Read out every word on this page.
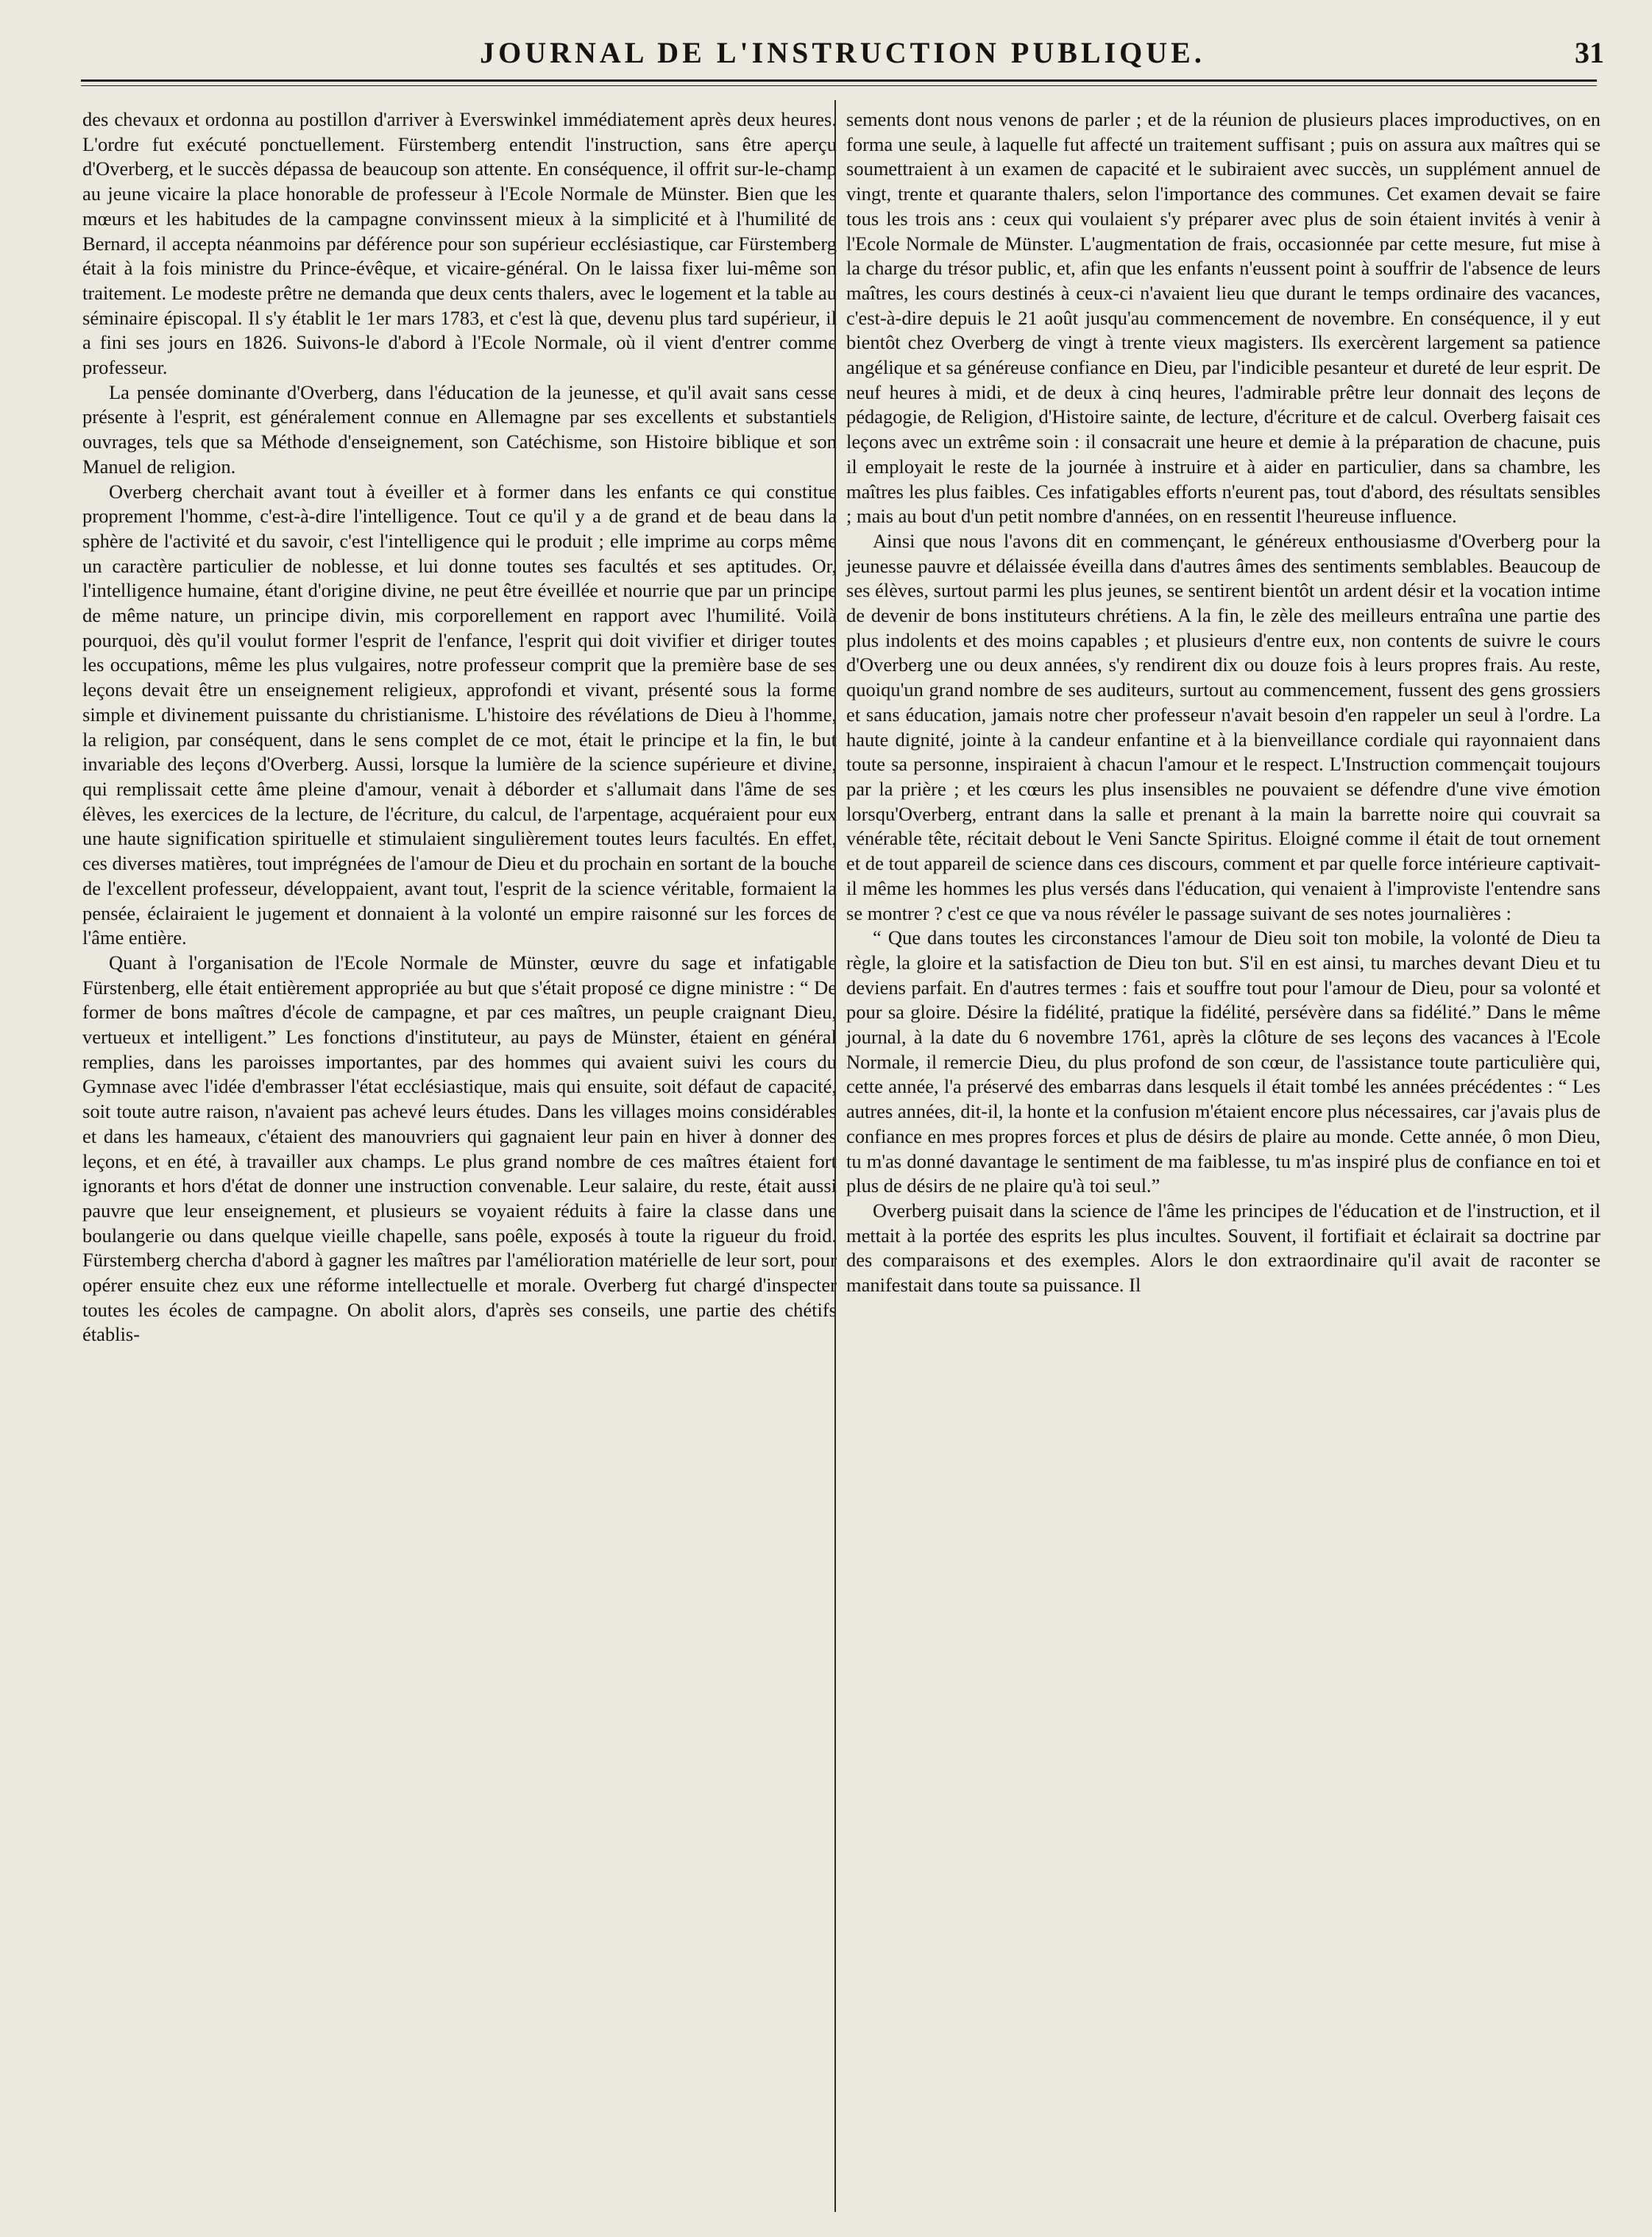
JOURNAL DE L'INSTRUCTION PUBLIQUE.	31

des chevaux et ordonna au postillon d'arriver à Everswinkel immédiatement après deux heures. L'ordre fut exécuté ponctuellement. Fürstemberg entendit l'instruction, sans être aperçu d'Overberg, et le succès dépassa de beaucoup son attente. En conséquence, il offrit sur-le-champ au jeune vicaire la place honorable de professeur à l'Ecole Normale de Münster. Bien que les mœurs et les habitudes de la campagne convinssent mieux à la simplicité et à l'humilité de Bernard, il accepta néanmoins par déférence pour son supérieur ecclésiastique, car Fürstemberg était à la fois ministre du Prince-évêque, et vicaire-général. On le laissa fixer lui-même son traitement. Le modeste prêtre ne demanda que deux cents thalers, avec le logement et la table au séminaire épiscopal. Il s'y établit le 1er mars 1783, et c'est là que, devenu plus tard supérieur, il a fini ses jours en 1826. Suivons-le d'abord à l'Ecole Normale, où il vient d'entrer comme professeur.

La pensée dominante d'Overberg, dans l'éducation de la jeunesse, et qu'il avait sans cesse présente à l'esprit, est généralement connue en Allemagne par ses excellents et substantiels ouvrages, tels que sa Méthode d'enseignement, son Catéchisme, son Histoire biblique et son Manuel de religion.

Overberg cherchait avant tout à éveiller et à former dans les enfants ce qui constitue proprement l'homme, c'est-à-dire l'intelligence. Tout ce qu'il y a de grand et de beau dans la sphère de l'activité et du savoir, c'est l'intelligence qui le produit ; elle imprime au corps même un caractère particulier de noblesse, et lui donne toutes ses facultés et ses aptitudes. Or, l'intelligence humaine, étant d'origine divine, ne peut être éveillée et nourrie que par un principe de même nature, un principe divin, mis corporellement en rapport avec l'humilité. Voilà pourquoi, dès qu'il voulut former l'esprit de l'enfance, l'esprit qui doit vivifier et diriger toutes les occupations, même les plus vulgaires, notre professeur comprit que la première base de ses leçons devait être un enseignement religieux, approfondi et vivant, présenté sous la forme simple et divinement puissante du christianisme. L'histoire des révélations de Dieu à l'homme, la religion, par conséquent, dans le sens complet de ce mot, était le principe et la fin, le but invariable des leçons d'Overberg. Aussi, lorsque la lumière de la science supérieure et divine, qui remplissait cette âme pleine d'amour, venait à déborder et s'allumait dans l'âme de ses élèves, les exercices de la lecture, de l'écriture, du calcul, de l'arpentage, acquéraient pour eux une haute signification spirituelle et stimulaient singulièrement toutes leurs facultés. En effet, ces diverses matières, tout imprégnées de l'amour de Dieu et du prochain en sortant de la bouche de l'excellent professeur, développaient, avant tout, l'esprit de la science véritable, formaient la pensée, éclairaient le jugement et donnaient à la volonté un empire raisonné sur les forces de l'âme entière.

Quant à l'organisation de l'Ecole Normale de Münster, œuvre du sage et infatigable Fürstenberg, elle était entièrement appropriée au but que s'était proposé ce digne ministre : “ De former de bons maîtres d'école de campagne, et par ces maîtres, un peuple craignant Dieu, vertueux et intelligent.” Les fonctions d'instituteur, au pays de Münster, étaient en général remplies, dans les paroisses importantes, par des hommes qui avaient suivi les cours du Gymnase avec l'idée d'embrasser l'état ecclésiastique, mais qui ensuite, soit défaut de capacité, soit toute autre raison, n'avaient pas achevé leurs études. Dans les villages moins considérables et dans les hameaux, c'étaient des manouvriers qui gagnaient leur pain en hiver à donner des leçons, et en été, à travailler aux champs. Le plus grand nombre de ces maîtres étaient fort ignorants et hors d'état de donner une instruction convenable. Leur salaire, du reste, était aussi pauvre que leur enseignement, et plusieurs se voyaient réduits à faire la classe dans une boulangerie ou dans quelque vieille chapelle, sans poêle, exposés à toute la rigueur du froid. Fürstemberg chercha d'abord à gagner les maîtres par l'amélioration matérielle de leur sort, pour opérer ensuite chez eux une réforme intellectuelle et morale. Overberg fut chargé d'inspecter toutes les écoles de campagne. On abolit alors, d'après ses conseils, une partie des chétifs établis-

sements dont nous venons de parler ; et de la réunion de plusieurs places improductives, on en forma une seule, à laquelle fut affecté un traitement suffisant ; puis on assura aux maîtres qui se soumettraient à un examen de capacité et le subiraient avec succès, un supplément annuel de vingt, trente et quarante thalers, selon l'importance des communes. Cet examen devait se faire tous les trois ans : ceux qui voulaient s'y préparer avec plus de soin étaient invités à venir à l'Ecole Normale de Münster. L'augmentation de frais, occasionnée par cette mesure, fut mise à la charge du trésor public, et, afin que les enfants n'eussent point à souffrir de l'absence de leurs maîtres, les cours destinés à ceux-ci n'avaient lieu que durant le temps ordinaire des vacances, c'est-à-dire depuis le 21 août jusqu'au commencement de novembre. En conséquence, il y eut bientôt chez Overberg de vingt à trente vieux magisters. Ils exercèrent largement sa patience angélique et sa généreuse confiance en Dieu, par l'indicible pesanteur et dureté de leur esprit. De neuf heures à midi, et de deux à cinq heures, l'admirable prêtre leur donnait des leçons de pédagogie, de Religion, d'Histoire sainte, de lecture, d'écriture et de calcul. Overberg faisait ces leçons avec un extrême soin : il consacrait une heure et demie à la préparation de chacune, puis il employait le reste de la journée à instruire et à aider en particulier, dans sa chambre, les maîtres les plus faibles. Ces infatigables efforts n'eurent pas, tout d'abord, des résultats sensibles ; mais au bout d'un petit nombre d'années, on en ressentit l'heureuse influence.

Ainsi que nous l'avons dit en commençant, le généreux enthousiasme d'Overberg pour la jeunesse pauvre et délaissée éveilla dans d'autres âmes des sentiments semblables. Beaucoup de ses élèves, surtout parmi les plus jeunes, se sentirent bientôt un ardent désir et la vocation intime de devenir de bons instituteurs chrétiens. A la fin, le zèle des meilleurs entraîna une partie des plus indolents et des moins capables ; et plusieurs d'entre eux, non contents de suivre le cours d'Overberg une ou deux années, s'y rendirent dix ou douze fois à leurs propres frais. Au reste, quoiqu'un grand nombre de ses auditeurs, surtout au commencement, fussent des gens grossiers et sans éducation, jamais notre cher professeur n'avait besoin d'en rappeler un seul à l'ordre. La haute dignité, jointe à la candeur enfantine et à la bienveillance cordiale qui rayonnaient dans toute sa personne, inspiraient à chacun l'amour et le respect. L'Instruction commençait toujours par la prière ; et les cœurs les plus insensibles ne pouvaient se défendre d'une vive émotion lorsqu'Overberg, entrant dans la salle et prenant à la main la barrette noire qui couvrait sa vénérable tête, récitait debout le Veni Sancte Spiritus. Eloigné comme il était de tout ornement et de tout appareil de science dans ces discours, comment et par quelle force intérieure captivait-il même les hommes les plus versés dans l'éducation, qui venaient à l'improviste l'entendre sans se montrer ? c'est ce que va nous révéler le passage suivant de ses notes journalières :

“ Que dans toutes les circonstances l'amour de Dieu soit ton mobile, la volonté de Dieu ta règle, la gloire et la satisfaction de Dieu ton but. S'il en est ainsi, tu marches devant Dieu et tu deviens parfait. En d'autres termes : fais et souffre tout pour l'amour de Dieu, pour sa volonté et pour sa gloire. Désire la fidélité, pratique la fidélité, persévère dans sa fidélité.” Dans le même journal, à la date du 6 novembre 1761, après la clôture de ses leçons des vacances à l'Ecole Normale, il remercie Dieu, du plus profond de son cœur, de l'assistance toute particulière qui, cette année, l'a préservé des embarras dans lesquels il était tombé les années précédentes : “ Les autres années, dit-il, la honte et la confusion m'étaient encore plus nécessaires, car j'avais plus de confiance en mes propres forces et plus de désirs de plaire au monde. Cette année, ô mon Dieu, tu m'as donné davantage le sentiment de ma faiblesse, tu m'as inspiré plus de confiance en toi et plus de désirs de ne plaire qu'à toi seul.”

Overberg puisait dans la science de l'âme les principes de l'éducation et de l'instruction, et il mettait à la portée des esprits les plus incultes. Souvent, il fortifiait et éclairait sa doctrine par des comparaisons et des exemples. Alors le don extraordinaire qu'il avait de raconter se manifestait dans toute sa puissance. Il
